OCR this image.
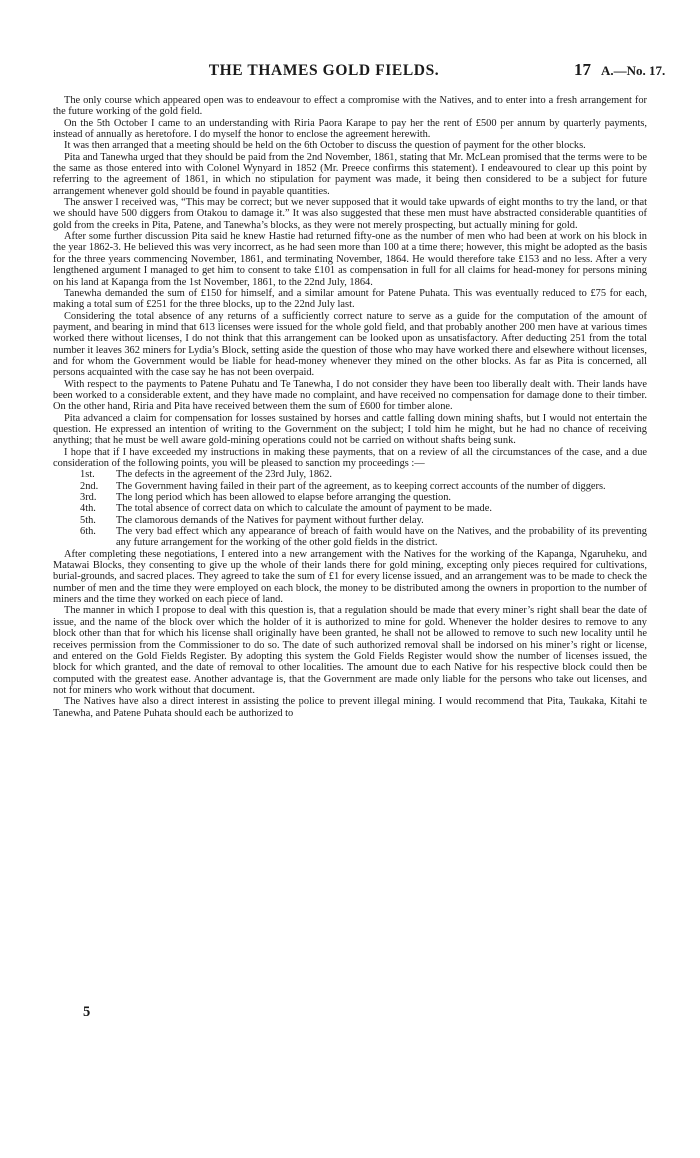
THE THAMES GOLD FIELDS.	17 A.—No. 17.

The only course which appeared open was to endeavour to effect a compromise with the Natives, and to enter into a fresh arrangement for the future working of the gold field.

On the 5th October I came to an understanding with Riria Paora Karape to pay her the rent of £500 per annum by quarterly payments, instead of annually as heretofore. I do myself the honor to enclose the agreement herewith.

It was then arranged that a meeting should be held on the 6th October to discuss the question of payment for the other blocks.

Pita and Tanewha urged that they should be paid from the 2nd November, 1861, stating that Mr. McLean promised that the terms were to be the same as those entered into with Colonel Wynyard in 1852 (Mr. Preece confirms this statement). I endeavoured to clear up this point by referring to the agreement of 1861, in which no stipulation for payment was made, it being then considered to be a subject for future arrangement whenever gold should be found in payable quantities.

The answer I received was, “This may be correct; but we never supposed that it would take upwards of eight months to try the land, or that we should have 500 diggers from Otakou to damage it.” It was also suggested that these men must have abstracted considerable quantities of gold from the creeks in Pita, Patene, and Tanewha’s blocks, as they were not merely prospecting, but actually mining for gold.

After some further discussion Pita said he knew Hastie had returned fifty-one as the number of men who had been at work on his block in the year 1862-3. He believed this was very incorrect, as he had seen more than 100 at a time there; however, this might be adopted as the basis for the three years commencing November, 1861, and terminating November, 1864. He would therefore take £153 and no less. After a very lengthened argument I managed to get him to consent to take £101 as compensation in full for all claims for head-money for persons mining on his land at Kapanga from the 1st November, 1861, to the 22nd July, 1864.

Tanewha demanded the sum of £150 for himself, and a similar amount for Patene Puhata. This was eventually reduced to £75 for each, making a total sum of £251 for the three blocks, up to the 22nd July last.

Considering the total absence of any returns of a sufficiently correct nature to serve as a guide for the computation of the amount of payment, and bearing in mind that 613 licenses were issued for the whole gold field, and that probably another 200 men have at various times worked there without licenses, I do not think that this arrangement can be looked upon as unsatisfactory. After deducting 251 from the total number it leaves 362 miners for Lydia’s Block, setting aside the question of those who may have worked there and elsewhere without licenses, and for whom the Government would be liable for head-money whenever they mined on the other blocks. As far as Pita is concerned, all persons acquainted with the case say he has not been overpaid.

With respect to the payments to Patene Puhatu and Te Tanewha, I do not consider they have been too liberally dealt with. Their lands have been worked to a considerable extent, and they have made no complaint, and have received no compensation for damage done to their timber. On the other hand, Riria and Pita have received between them the sum of £600 for timber alone.

Pita advanced a claim for compensation for losses sustained by horses and cattle falling down mining shafts, but I would not entertain the question. He expressed an intention of writing to the Government on the subject; I told him he might, but he had no chance of receiving anything; that he must be well aware gold-mining operations could not be carried on without shafts being sunk.

I hope that if I have exceeded my instructions in making these payments, that on a review of all the circumstances of the case, and a due consideration of the following points, you will be pleased to sanction my proceedings :—

1st. The defects in the agreement of the 23rd July, 1862.
2nd. The Government having failed in their part of the agreement, as to keeping correct accounts of the number of diggers.
3rd. The long period which has been allowed to elapse before arranging the question.
4th. The total absence of correct data on which to calculate the amount of payment to be made.
5th. The clamorous demands of the Natives for payment without further delay.
6th. The very bad effect which any appearance of breach of faith would have on the Natives, and the probability of its preventing any future arrangement for the working of the other gold fields in the district.

After completing these negotiations, I entered into a new arrangement with the Natives for the working of the Kapanga, Ngaruheku, and Matawai Blocks, they consenting to give up the whole of their lands there for gold mining, excepting only pieces required for cultivations, burial-grounds, and sacred places. They agreed to take the sum of £1 for every license issued, and an arrangement was to be made to check the number of men and the time they were employed on each block, the money to be distributed among the owners in proportion to the number of miners and the time they worked on each piece of land.

The manner in which I propose to deal with this question is, that a regulation should be made that every miner’s right shall bear the date of issue, and the name of the block over which the holder of it is authorized to mine for gold. Whenever the holder desires to remove to any block other than that for which his license shall originally have been granted, he shall not be allowed to remove to such new locality until he receives permission from the Commissioner to do so. The date of such authorized removal shall be indorsed on his miner’s right or license, and entered on the Gold Fields Register. By adopting this system the Gold Fields Register would show the number of licenses issued, the block for which granted, and the date of removal to other localities. The amount due to each Native for his respective block could then be computed with the greatest ease. Another advantage is, that the Government are made only liable for the persons who take out licenses, and not for miners who work without that document.

The Natives have also a direct interest in assisting the police to prevent illegal mining. I would recommend that Pita, Taukaka, Kitahi te Tanewha, and Patene Puhata should each be authorized to

5
